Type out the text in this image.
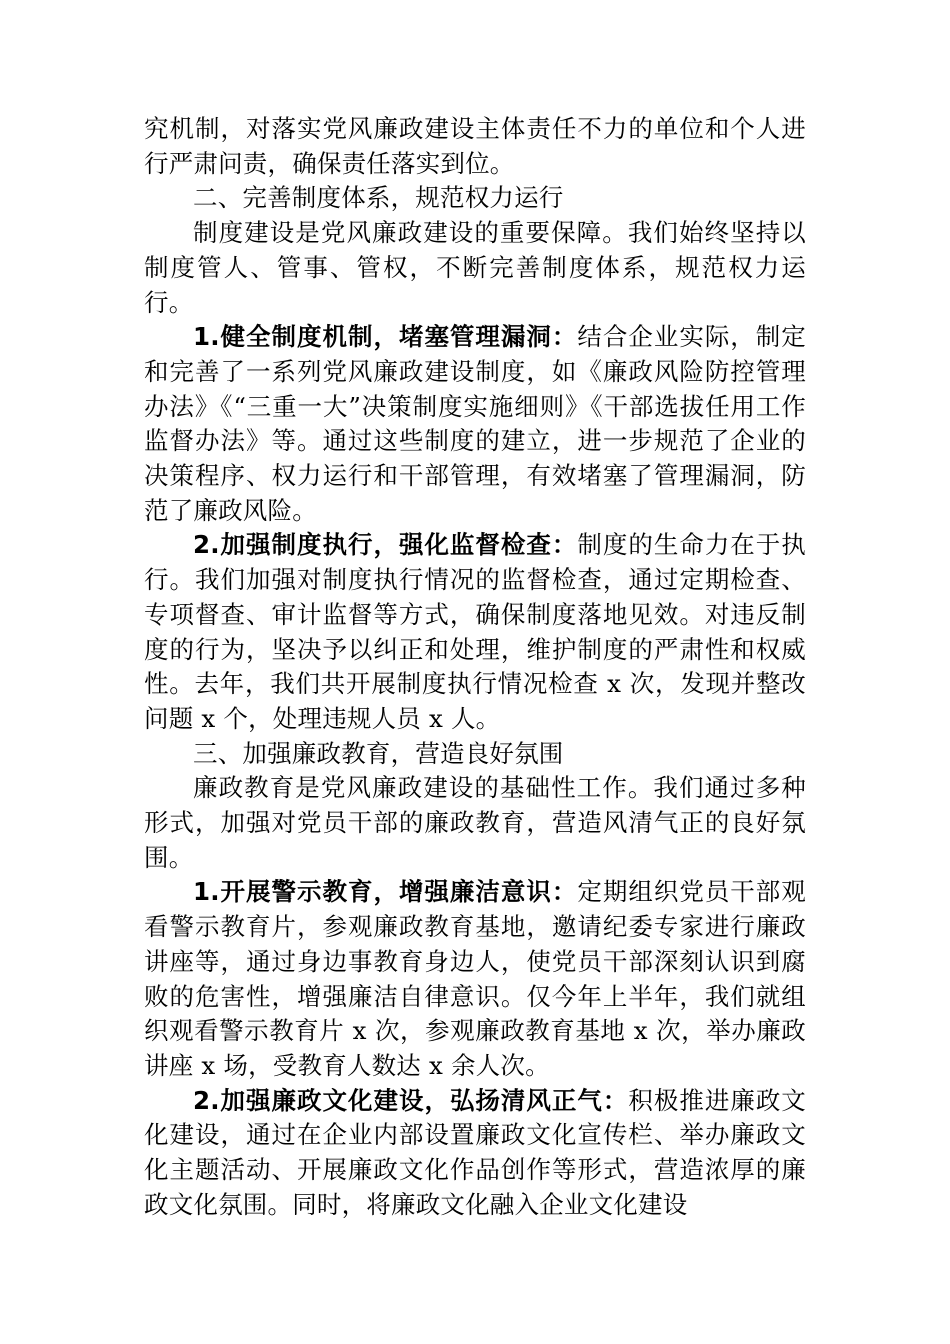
究机制，对落实党风廉政建设主体责任不力的单位和个人进行严肃问责，确保责任落实到位。

二、完善制度体系，规范权力运行

制度建设是党风廉政建设的重要保障。我们始终坚持以制度管人、管事、管权，不断完善制度体系，规范权力运行。

1.健全制度机制，堵塞管理漏洞：结合企业实际，制定和完善了一系列党风廉政建设制度，如《廉政风险防控管理办法》《“三重一大”决策制度实施细则》《干部选拔任用工作监督办法》等。通过这些制度的建立，进一步规范了企业的决策程序、权力运行和干部管理，有效堵塞了管理漏洞，防范了廉政风险。

2.加强制度执行，强化监督检查：制度的生命力在于执行。我们加强对制度执行情况的监督检查，通过定期检查、专项督查、审计监督等方式，确保制度落地见效。对违反制度的行为，坚决予以纠正和处理，维护制度的严肃性和权威性。去年，我们共开展制度执行情况检查 x 次，发现并整改问题 x 个，处理违规人员 x 人。

三、加强廉政教育，营造良好氛围

廉政教育是党风廉政建设的基础性工作。我们通过多种形式，加强对党员干部的廉政教育，营造风清气正的良好氛围。

1.开展警示教育，增强廉洁意识：定期组织党员干部观看警示教育片，参观廉政教育基地，邀请纪委专家进行廉政讲座等，通过身边事教育身边人，使党员干部深刻认识到腐败的危害性，增强廉洁自律意识。仅今年上半年，我们就组织观看警示教育片 x 次，参观廉政教育基地 x 次，举办廉政讲座 x 场，受教育人数达 x 余人次。

2.加强廉政文化建设，弘扬清风正气：积极推进廉政文化建设，通过在企业内部设置廉政文化宣传栏、举办廉政文化主题活动、开展廉政文化作品创作等形式，营造浓厚的廉政文化氛围。同时，将廉政文化融入企业文化建设
